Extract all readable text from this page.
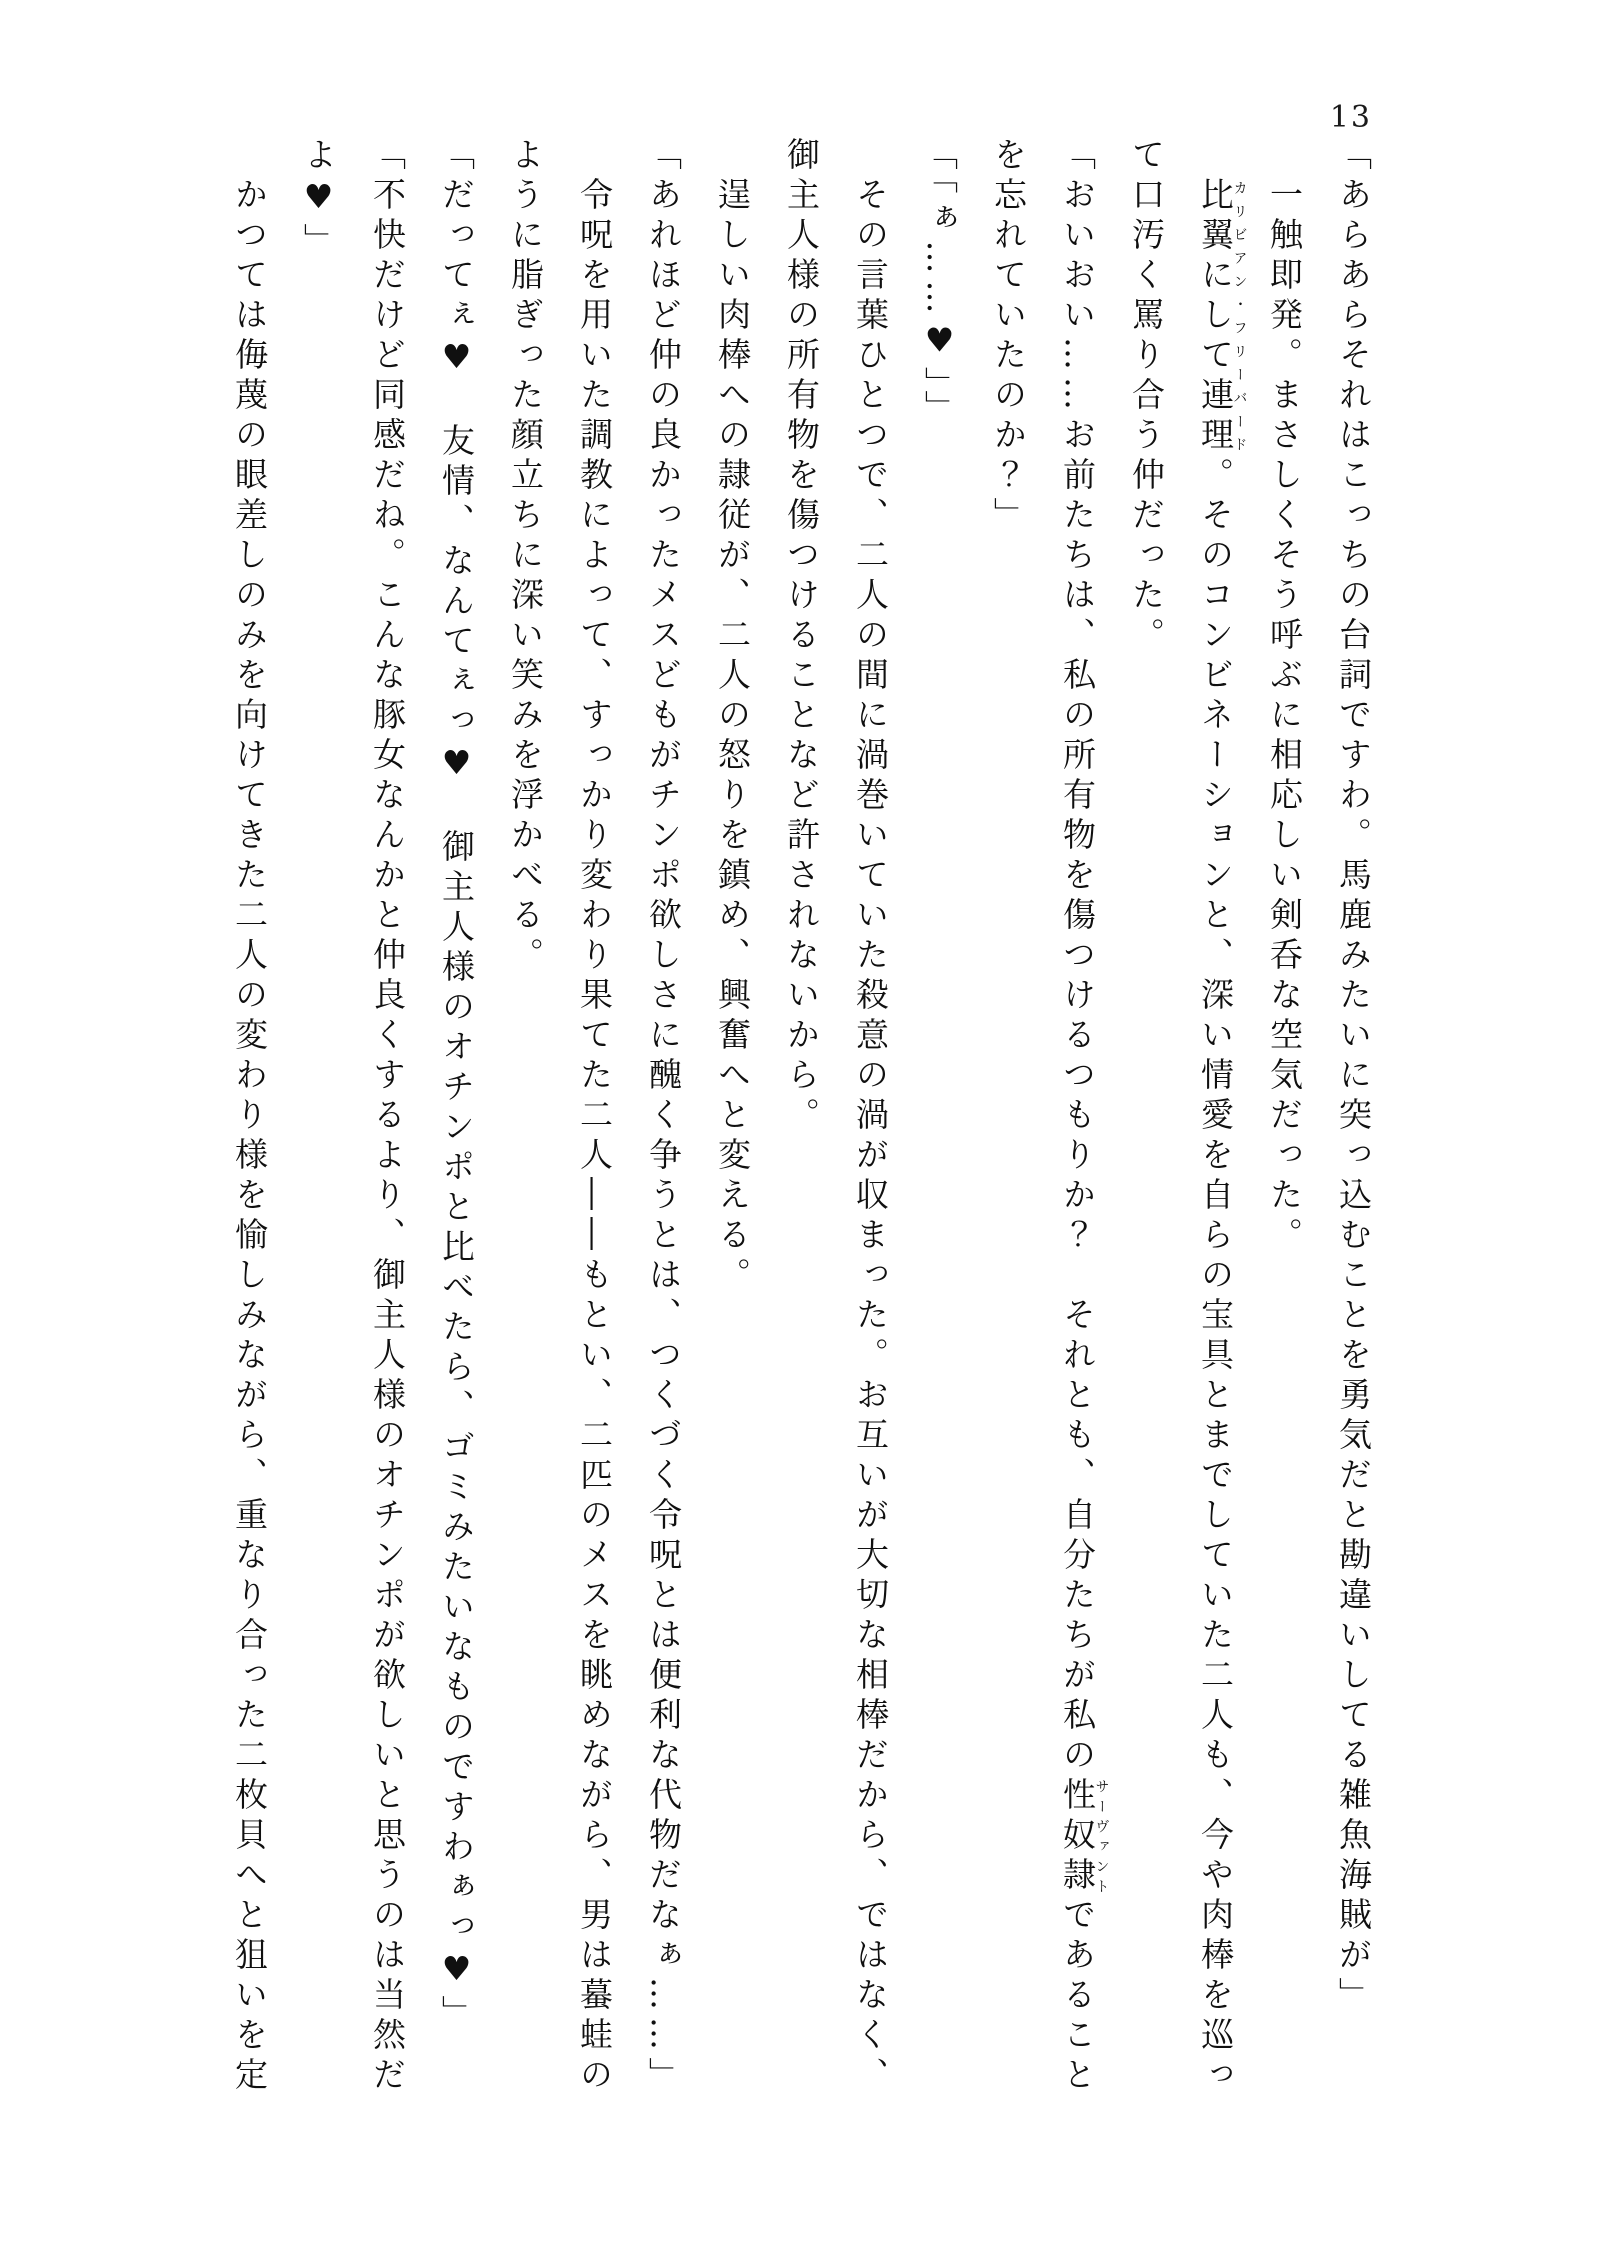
13

「あらあらそれはこっちの台詞ですわ。馬鹿みたいに突っ込むことを勇気だと勘違いしてる雑魚海賊が」

一触即発。まさしくそう呼ぶに相応しい剣呑な空気だった。

比翼にして連理カリビアン・フリーバード。そのコンビネーションと、深い情愛を自らの宝具とまでしていた二人も、今や肉棒を巡っ

て口汚く罵り合う仲だった。

「おいおい……お前たちは、私の所有物を傷つけるつもりか？　それとも、自分たちが私の性奴隷サーヴァントであること

を忘れていたのか？」

「「ぁ……♥」」

その言葉ひとつで、二人の間に渦巻いていた殺意の渦が収まった。お互いが大切な相棒だから、ではなく、

御主人様の所有物を傷つけることなど許されないから。

逞しい肉棒への隷従が、二人の怒りを鎮め、興奮へと変える。

「あれほど仲の良かったメスどもがチンポ欲しさに醜く争うとは、つくづく令呪とは便利な代物だなぁ……」

令呪を用いた調教によって、すっかり変わり果てた二人――もとい、二匹のメスを眺めながら、男は蟇蛙の

ように脂ぎった顔立ちに深い笑みを浮かべる。

「だってぇ♥　友情、なんてぇっ♥　御主人様のオチンポと比べたら、ゴミみたいなものですわぁっ♥」

「不快だけど同感だね。こんな豚女なんかと仲良くするより、御主人様のオチンポが欲しいと思うのは当然だ

よ♥」

かつては侮蔑の眼差しのみを向けてきた二人の変わり様を愉しみながら、重なり合った二枚貝へと狙いを定
